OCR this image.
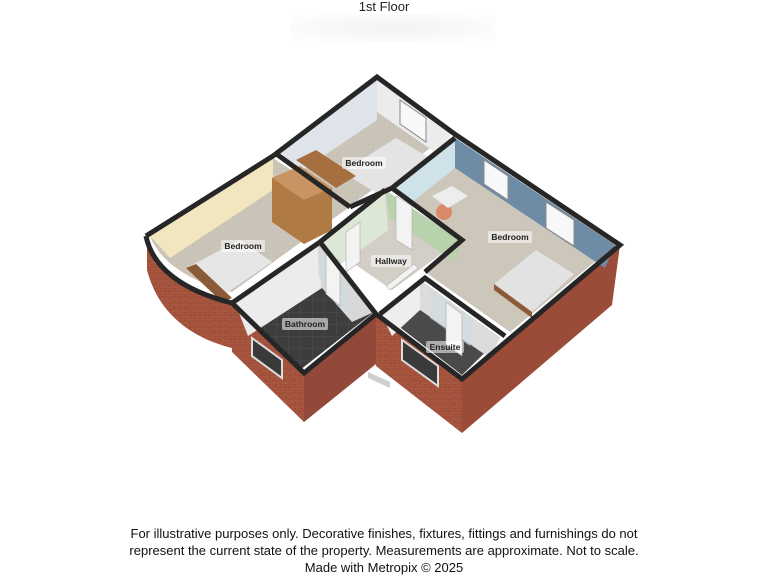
1st Floor
Bedroom
Bedroom
Bedroom
Hallway
Bathroom
Ensuite
For illustrative purposes only. Decorative finishes, fixtures, fittings and furnishings do not
represent the current state of the property. Measurements are approximate. Not to scale.
Made with Metropix © 2025
